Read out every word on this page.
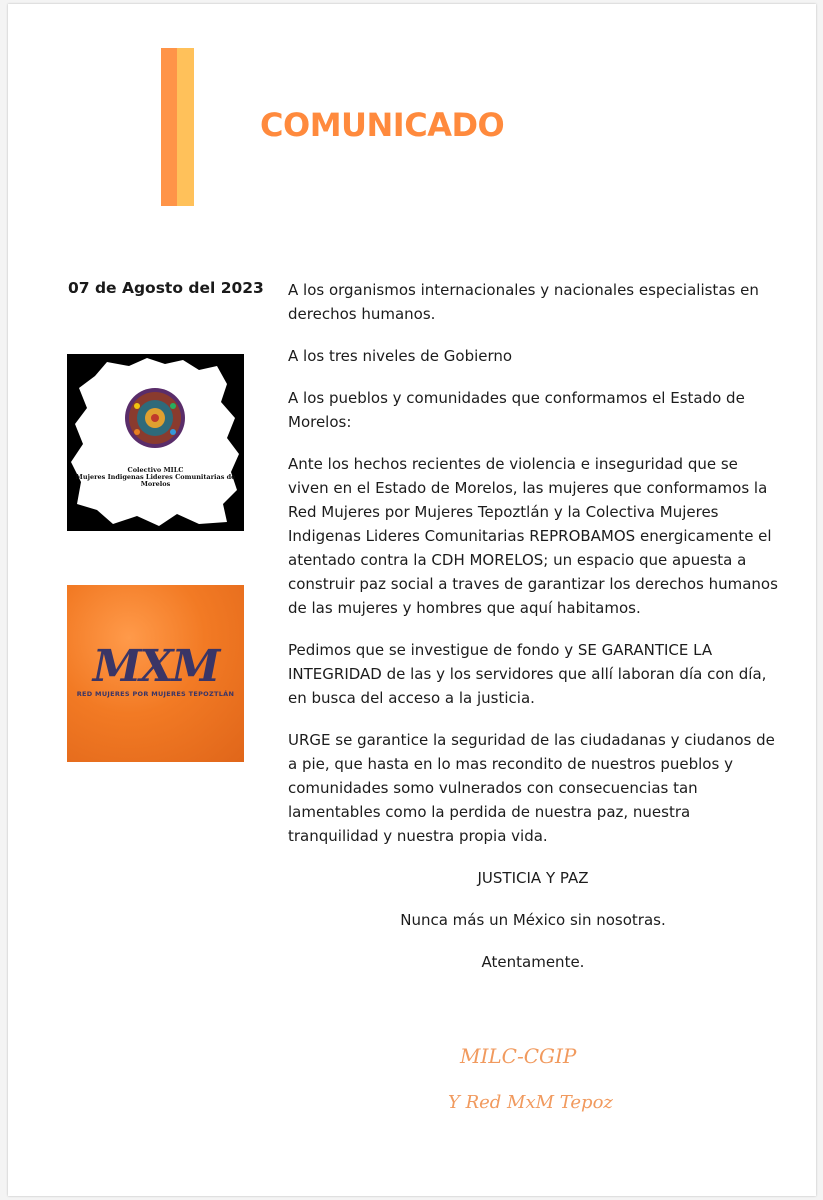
COMUNICADO
07 de Agosto del 2023
Colectivo MILC
Mujeres Indigenas Lideres Comunitarias de Morelos
MXM
RED MUJERES POR MUJERES TEPOZTLÁN

A los organismos internacionales y nacionales especialistas en derechos humanos.

A los tres niveles de Gobierno

A los pueblos y comunidades que conformamos el Estado de Morelos:

Ante los hechos recientes de violencia e inseguridad que se viven en el Estado de Morelos, las mujeres que conformamos la Red Mujeres por Mujeres Tepoztlán y la Colectiva Mujeres Indigenas Lideres Comunitarias REPROBAMOS energicamente el atentado contra la CDH MORELOS; un espacio que apuesta a construir paz social a traves de garantizar los derechos humanos de las mujeres y hombres que aquí habitamos.

Pedimos que se investigue de fondo y SE GARANTICE LA INTEGRIDAD de las y los servidores que allí laboran día con día, en busca del acceso a la justicia.

URGE se garantice la seguridad de las ciudadanas y ciudanos de a pie, que hasta en lo mas recondito de nuestros pueblos y comunidades somo vulnerados con consecuencias tan lamentables como la perdida de nuestra paz, nuestra tranquilidad y nuestra propia vida.

JUSTICIA Y PAZ

Nunca más un México sin nosotras.

Atentamente.

MILC-CGIP
Y Red MxM Tepoz
